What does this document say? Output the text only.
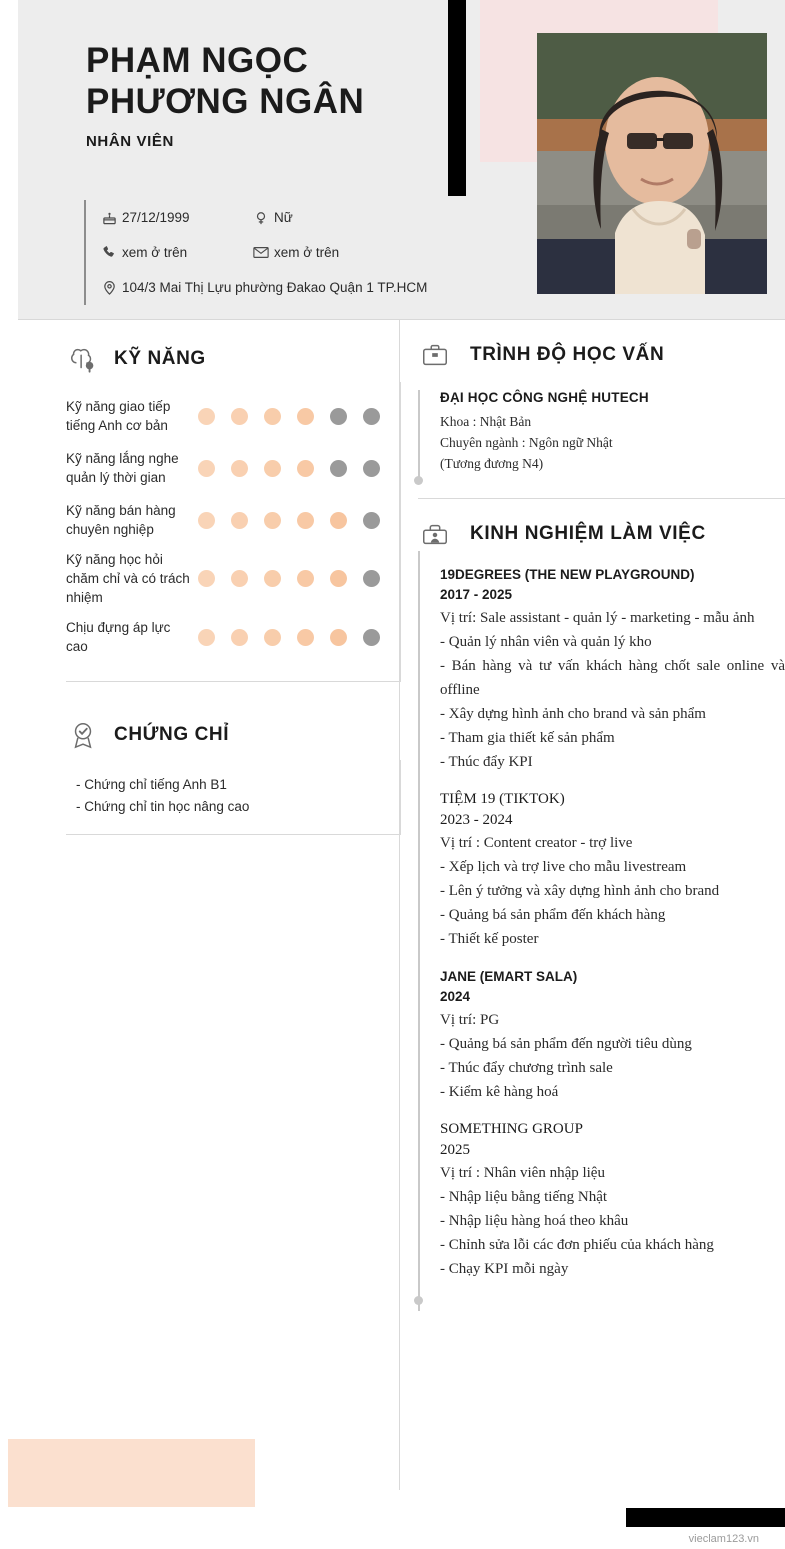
PHẠM NGỌC
PHƯƠNG NGÂN
NHÂN VIÊN
27/12/1999	Nữ
xem ở trên	xem ở trên
104/3 Mai Thị Lựu phường Đakao Quận 1 TP.HCM
KỸ NĂNG
Kỹ năng giao tiếp tiếng Anh cơ bản
Kỹ năng lắng nghe quản lý thời gian
Kỹ năng bán hàng chuyên nghiệp
Kỹ năng học hỏi chăm chỉ và có trách nhiệm
Chịu đựng áp lực cao
CHỨNG CHỈ
- Chứng chỉ tiếng Anh B1
- Chứng chỉ tin học nâng cao
TRÌNH ĐỘ HỌC VẤN
ĐẠI HỌC CÔNG NGHỆ HUTECH
Khoa : Nhật Bản
Chuyên ngành : Ngôn ngữ Nhật
(Tương đương N4)
KINH NGHIỆM LÀM VIỆC
19DEGREES (THE NEW PLAYGROUND)
2017 - 2025
Vị trí: Sale assistant - quản lý - marketing - mẫu ảnh
- Quản lý nhân viên và quản lý kho
- Bán hàng và tư vấn khách hàng chốt sale online và offline
- Xây dựng hình ảnh cho brand và sản phẩm
- Tham gia thiết kế sản phẩm
- Thúc đẩy KPI
TIỆM 19 (TIKTOK)
2023 - 2024
Vị trí : Content creator - trợ live
- Xếp lịch và trợ live cho mẫu livestream
- Lên ý tưởng và xây dựng hình ảnh cho brand
- Quảng bá sản phẩm đến khách hàng
- Thiết kế poster
JANE (EMART SALA)
2024
Vị trí: PG
- Quảng bá sản phẩm đến người tiêu dùng
- Thúc đẩy chương trình sale
- Kiểm kê hàng hoá
SOMETHING GROUP
2025
Vị trí : Nhân viên nhập liệu
- Nhập liệu bằng tiếng Nhật
- Nhập liệu hàng hoá theo khâu
- Chỉnh sửa lỗi các đơn phiếu của khách hàng
- Chạy KPI mỗi ngày
vieclam123.vn
